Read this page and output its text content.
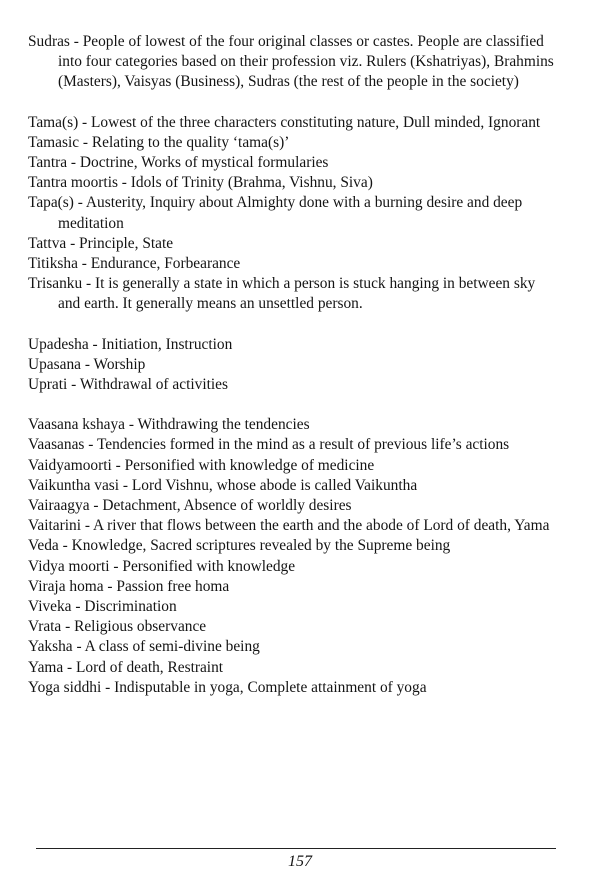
Sudras - People of lowest of the four original classes or castes. People are classified into four categories based on their profession viz. Rulers (Kshatriyas), Brahmins (Masters), Vaisyas (Business), Sudras (the rest of the people in the society)

Tama(s) - Lowest of the three characters constituting nature, Dull minded, Ignorant

Tamasic - Relating to the quality ‘tama(s)’

Tantra - Doctrine, Works of mystical formularies

Tantra moortis - Idols of Trinity (Brahma, Vishnu, Siva)

Tapa(s) - Austerity, Inquiry about Almighty done with a burning desire and deep meditation

Tattva - Principle, State

Titiksha - Endurance, Forbearance

Trisanku - It is generally a state in which a person is stuck hanging in between sky and earth. It generally means an unsettled person.

Upadesha - Initiation, Instruction

Upasana - Worship

Uprati - Withdrawal of activities

Vaasana kshaya - Withdrawing the tendencies

Vaasanas - Tendencies formed in the mind as a result of previous life’s actions

Vaidyamoorti - Personified with knowledge of medicine

Vaikuntha vasi - Lord Vishnu, whose abode is called Vaikuntha

Vairaagya - Detachment, Absence of worldly desires

Vaitarini - A river that flows between the earth and the abode of Lord of death, Yama

Veda - Knowledge, Sacred scriptures revealed by the Supreme being

Vidya moorti - Personified with knowledge

Viraja homa - Passion free homa

Viveka - Discrimination

Vrata - Religious observance

Yaksha - A class of semi-divine being

Yama - Lord of death, Restraint

Yoga siddhi - Indisputable in yoga, Complete attainment of yoga

157
